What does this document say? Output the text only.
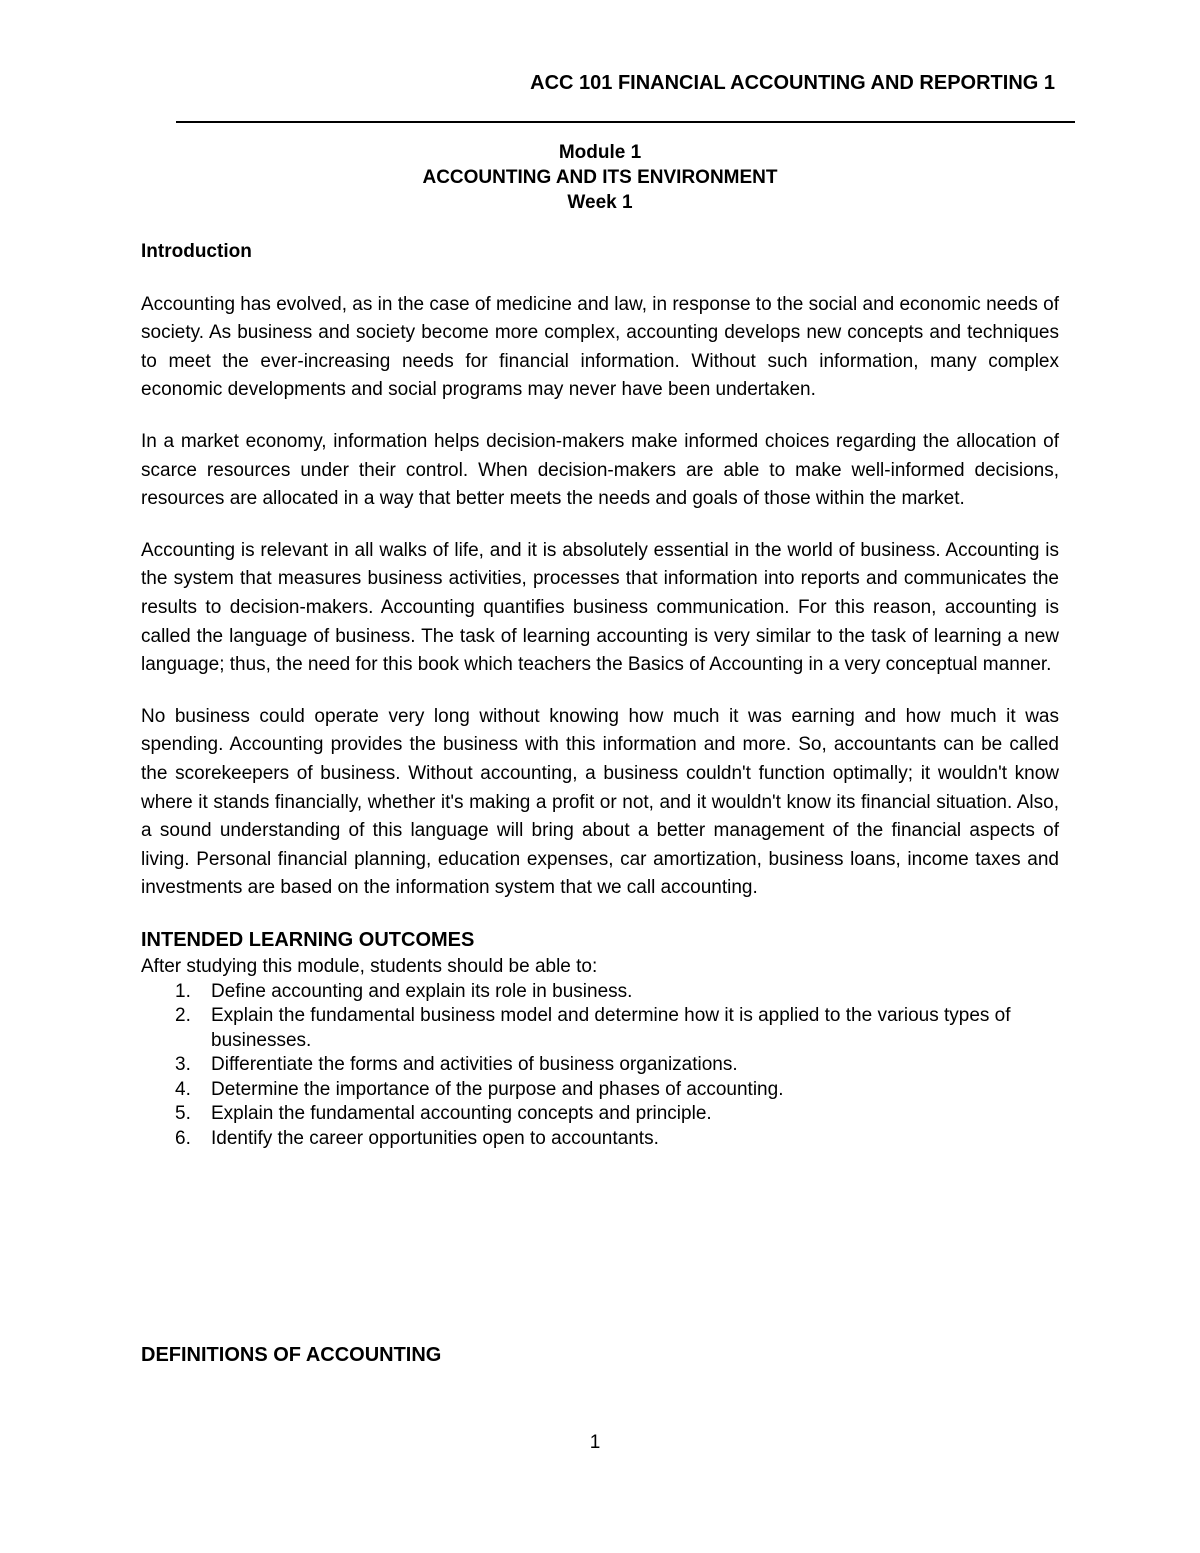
ACC 101 FINANCIAL ACCOUNTING AND REPORTING 1
Module 1
ACCOUNTING AND ITS ENVIRONMENT
Week 1

Introduction

Accounting has evolved, as in the case of medicine and law, in response to the social and economic needs of society. As business and society become more complex, accounting develops new concepts and techniques to meet the ever-increasing needs for financial information. Without such information, many complex economic developments and social programs may never have been undertaken.

In a market economy, information helps decision-makers make informed choices regarding the allocation of scarce resources under their control. When decision-makers are able to make well-informed decisions, resources are allocated in a way that better meets the needs and goals of those within the market.

Accounting is relevant in all walks of life, and it is absolutely essential in the world of business. Accounting is the system that measures business activities, processes that information into reports and communicates the results to decision-makers. Accounting quantifies business communication. For this reason, accounting is called the language of business. The task of learning accounting is very similar to the task of learning a new language; thus, the need for this book which teachers the Basics of Accounting in a very conceptual manner.

No business could operate very long without knowing how much it was earning and how much it was spending. Accounting provides the business with this information and more. So, accountants can be called the scorekeepers of business. Without accounting, a business couldn't function optimally; it wouldn't know where it stands financially, whether it's making a profit or not, and it wouldn't know its financial situation. Also, a sound understanding of this language will bring about a better management of the financial aspects of living. Personal financial planning, education expenses, car amortization, business loans, income taxes and investments are based on the information system that we call accounting.

INTENDED LEARNING OUTCOMES

After studying this module, students should be able to:

1. Define accounting and explain its role in business.
2. Explain the fundamental business model and determine how it is applied to the various types of businesses.
3. Differentiate the forms and activities of business organizations.
4. Determine the importance of the purpose and phases of accounting.
5. Explain the fundamental accounting concepts and principle.
6. Identify the career opportunities open to accountants.
DEFINITIONS OF ACCOUNTING
1
